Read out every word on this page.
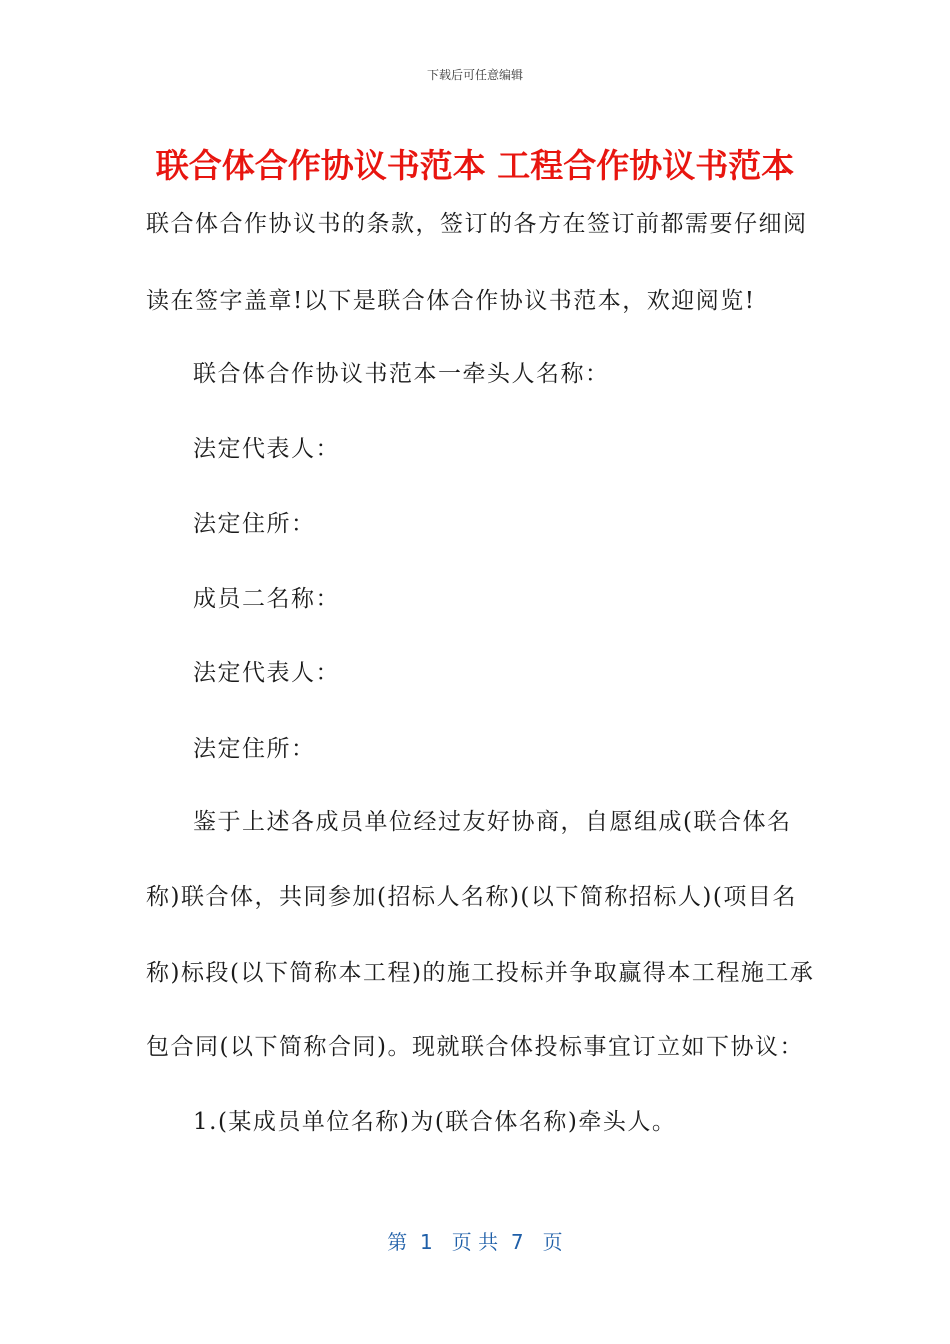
下载后可任意编辑
联合体合作协议书范本 工程合作协议书范本
联合体合作协议书的条款，签订的各方在签订前都需要仔细阅
读在签字盖章!以下是联合体合作协议书范本，欢迎阅览!
联合体合作协议书范本一牵头人名称：
法定代表人：
法定住所：
成员二名称：
法定代表人：
法定住所：
鉴于上述各成员单位经过友好协商，自愿组成(联合体名
称)联合体，共同参加(招标人名称)(以下简称招标人)(项目名
称)标段(以下简称本工程)的施工投标并争取赢得本工程施工承
包合同(以下简称合同)。现就联合体投标事宜订立如下协议：
1.(某成员单位名称)为(联合体名称)牵头人。
第  1   页 共  7   页
